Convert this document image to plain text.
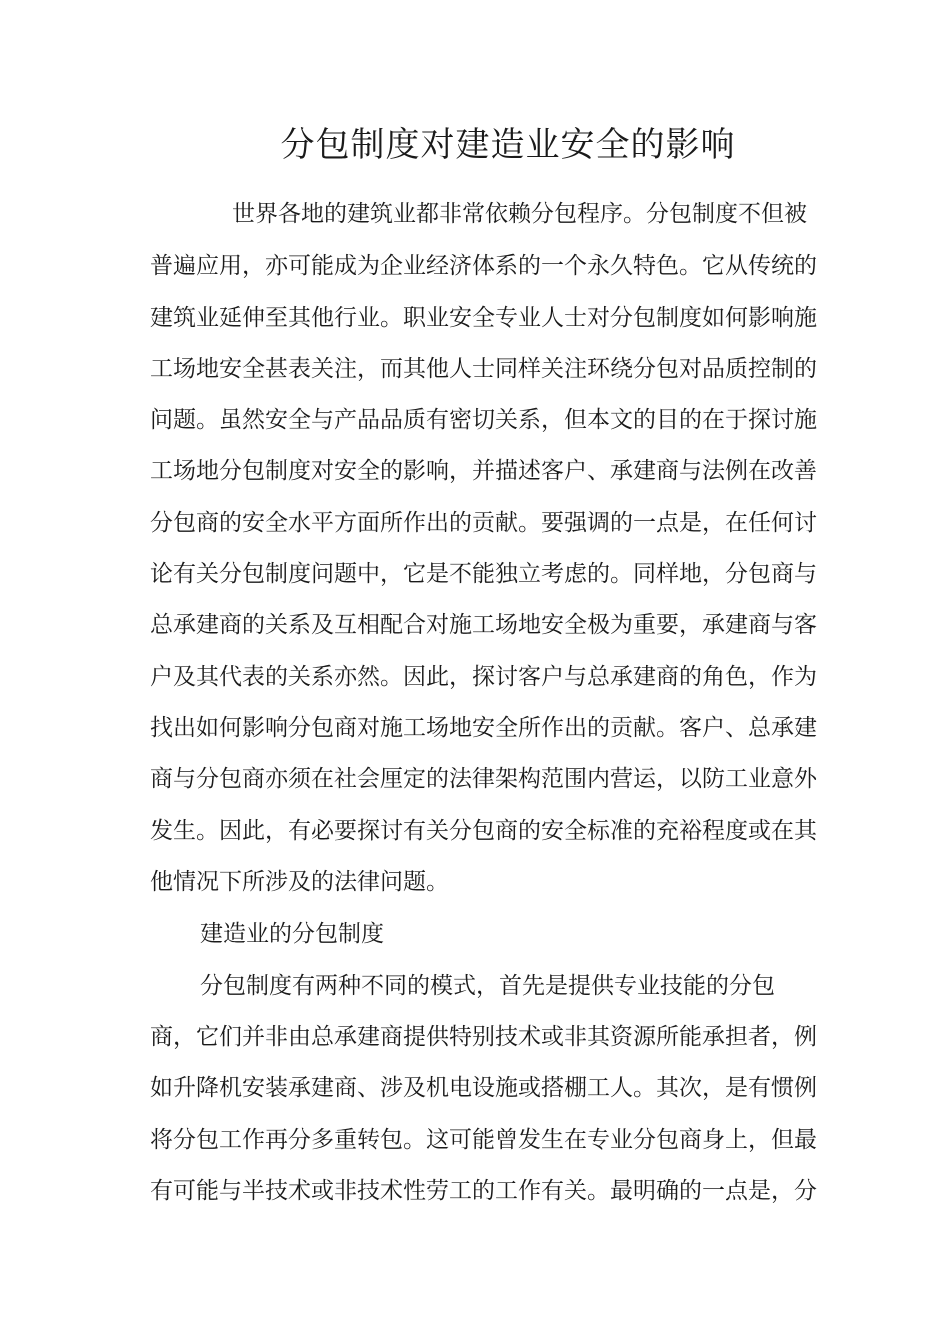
分包制度对建造业安全的影响

世界各地的建筑业都非常依赖分包程序。分包制度不但被

普遍应用，亦可能成为企业经济体系的一个永久特色。它从传统的

建筑业延伸至其他行业。职业安全专业人士对分包制度如何影响施

工场地安全甚表关注，而其他人士同样关注环绕分包对品质控制的

问题。虽然安全与产品品质有密切关系，但本文的目的在于探讨施

工场地分包制度对安全的影响，并描述客户、承建商与法例在改善

分包商的安全水平方面所作出的贡献。要强调的一点是，在任何讨

论有关分包制度问题中，它是不能独立考虑的。同样地，分包商与

总承建商的关系及互相配合对施工场地安全极为重要，承建商与客

户及其代表的关系亦然。因此，探讨客户与总承建商的角色，作为

找出如何影响分包商对施工场地安全所作出的贡献。客户、总承建

商与分包商亦须在社会厘定的法律架构范围内营运，以防工业意外

发生。因此，有必要探讨有关分包商的安全标准的充裕程度或在其

他情况下所涉及的法律问题。

建造业的分包制度

分包制度有两种不同的模式，首先是提供专业技能的分包

商，它们并非由总承建商提供特别技术或非其资源所能承担者，例

如升降机安装承建商、涉及机电设施或搭棚工人。其次，是有惯例

将分包工作再分多重转包。这可能曾发生在专业分包商身上，但最

有可能与半技术或非技术性劳工的工作有关。最明确的一点是，分
